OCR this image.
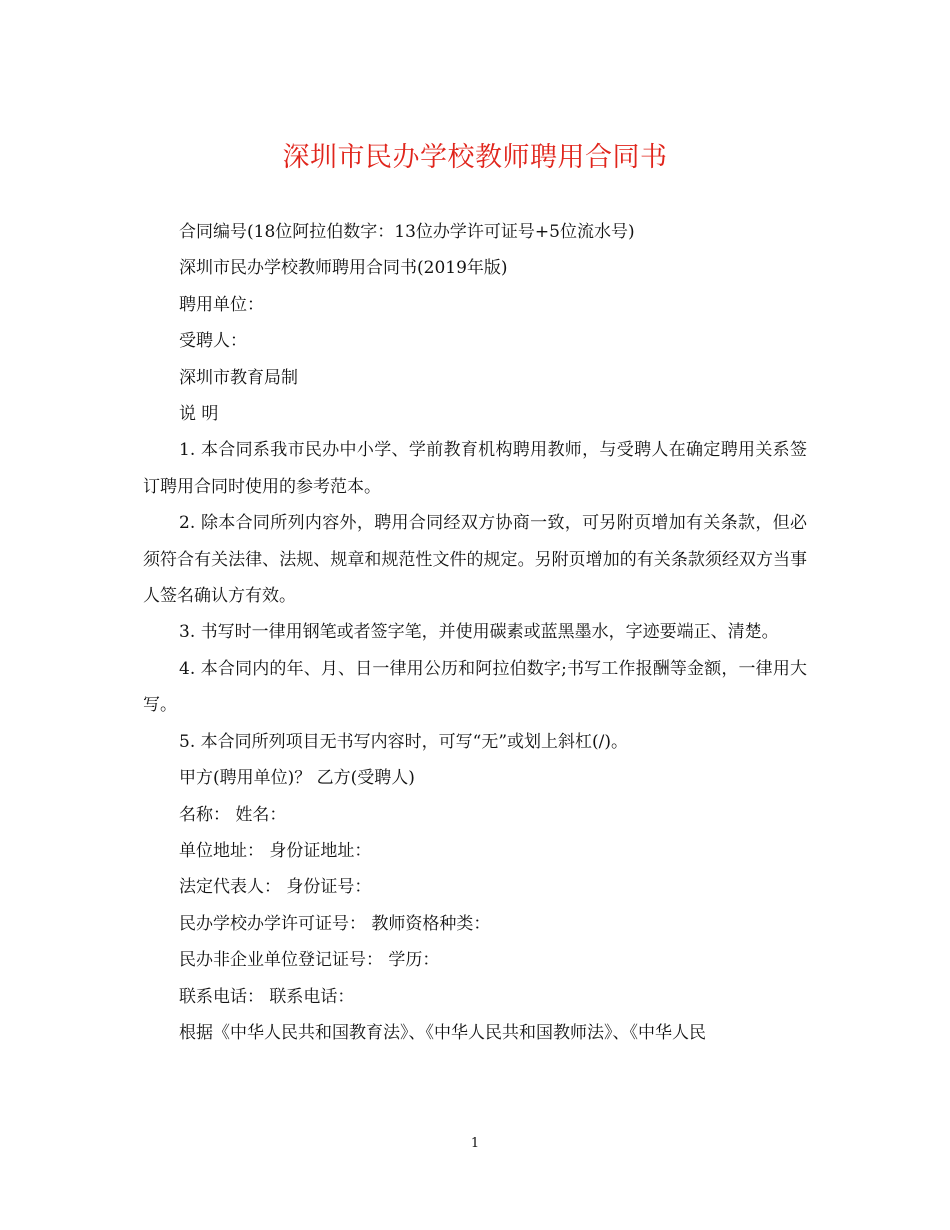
深圳市民办学校教师聘用合同书

合同编号(18位阿拉伯数字：13位办学许可证号+5位流水号)

深圳市民办学校教师聘用合同书(2019年版)

聘用单位：

受聘人：

深圳市教育局制

说 明

1. 本合同系我市民办中小学、学前教育机构聘用教师，与受聘人在确定聘用关系签订聘用合同时使用的参考范本。

2. 除本合同所列内容外，聘用合同经双方协商一致，可另附页增加有关条款，但必须符合有关法律、法规、规章和规范性文件的规定。另附页增加的有关条款须经双方当事人签名确认方有效。

3. 书写时一律用钢笔或者签字笔，并使用碳素或蓝黑墨水，字迹要端正、清楚。

4. 本合同内的年、月、日一律用公历和阿拉伯数字;书写工作报酬等金额，一律用大写。

5. 本合同所列项目无书写内容时，可写“无”或划上斜杠(/)。

甲方(聘用单位)？ 乙方(受聘人)

名称： 姓名：

单位地址： 身份证地址：

法定代表人： 身份证号：

民办学校办学许可证号： 教师资格种类：

民办非企业单位登记证号： 学历：

联系电话： 联系电话：

根据《中华人民共和国教育法》、《中华人民共和国教师法》、《中华人民

1
